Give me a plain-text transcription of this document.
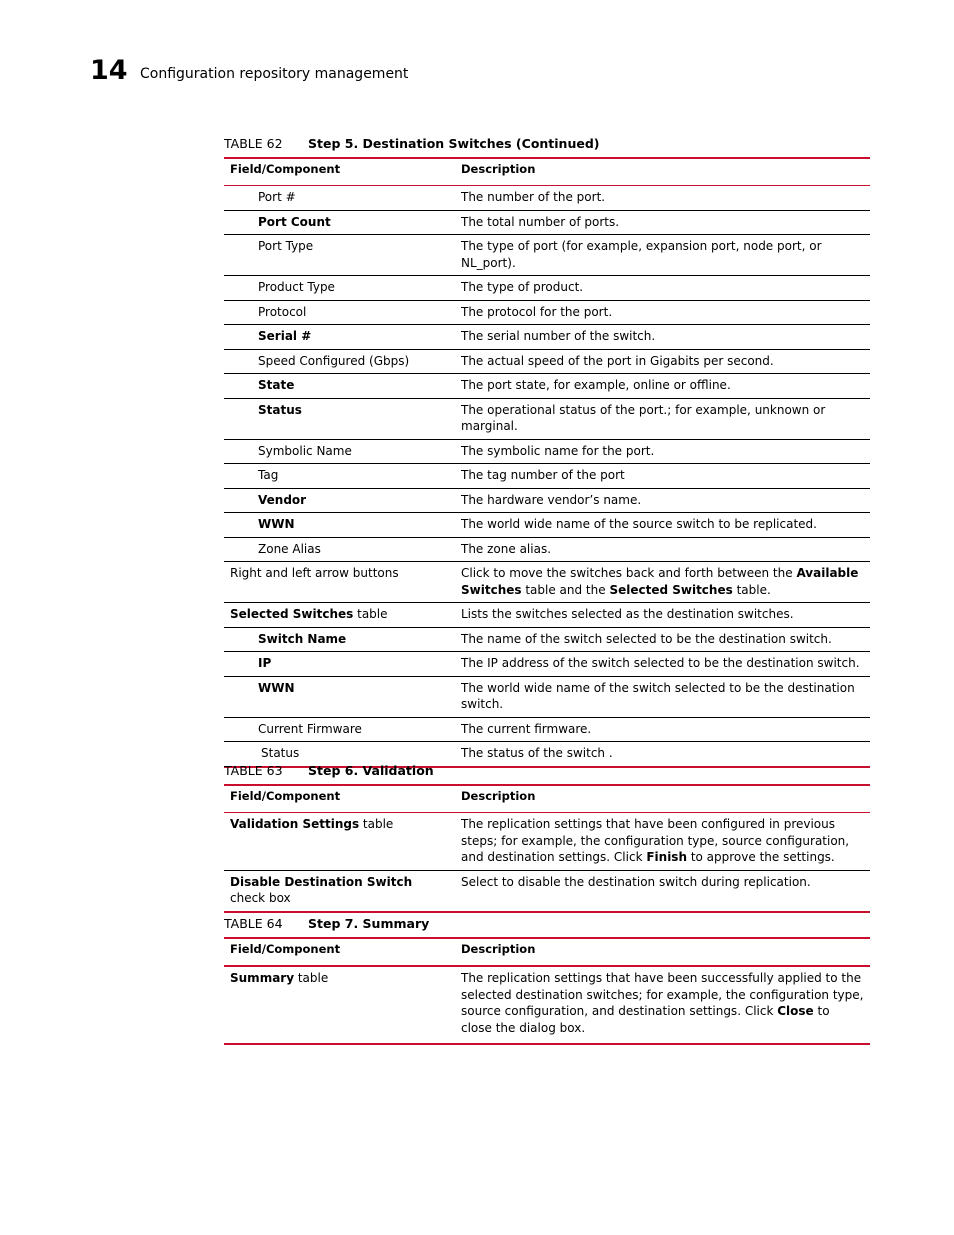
14 Configuration repository management
TABLE 62 Step 5. Destination Switches (Continued)
Field/Component	Description
Port #	The number of the port.
Port Count	The total number of ports.
Port Type	The type of port (for example, expansion port, node port, or NL_port).
Product Type	The type of product.
Protocol	The protocol for the port.
Serial #	The serial number of the switch.
Speed Configured (Gbps)	The actual speed of the port in Gigabits per second.
State	The port state, for example, online or offline.
Status	The operational status of the port.; for example, unknown or marginal.
Symbolic Name	The symbolic name for the port.
Tag	The tag number of the port
Vendor	The hardware vendor’s name.
WWN	The world wide name of the source switch to be replicated.
Zone Alias	The zone alias.
Right and left arrow buttons	Click to move the switches back and forth between the Available Switches table and the Selected Switches table.
Selected Switches table	Lists the switches selected as the destination switches.
Switch Name	The name of the switch selected to be the destination switch.
IP	The IP address of the switch selected to be the destination switch.
WWN	The world wide name of the switch selected to be the destination switch.
Current Firmware	The current firmware.
Status	The status of the switch .
TABLE 63 Step 6. Validation
Field/Component	Description
Validation Settings table	The replication settings that have been configured in previous steps; for example, the configuration type, source configuration, and destination settings. Click Finish to approve the settings.
Disable Destination Switch check box	Select to disable the destination switch during replication.
TABLE 64 Step 7. Summary
Field/Component	Description
Summary table	The replication settings that have been successfully applied to the selected destination switches; for example, the configuration type, source configuration, and destination settings. Click Close to close the dialog box.
